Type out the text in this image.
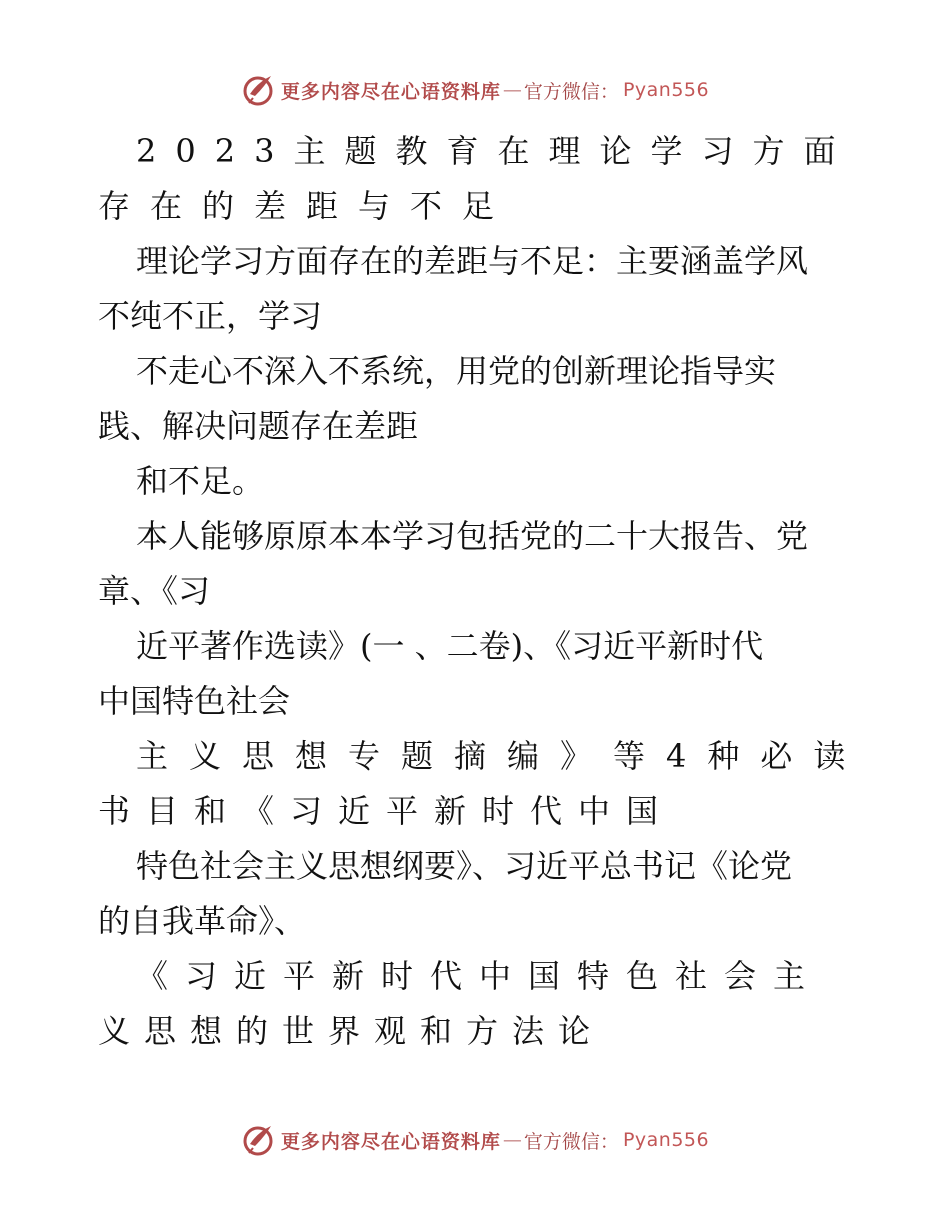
更多内容尽在心语资料库 — 官方微信： Pyan556
2023主题教育在理论学习方面
存在的差距与不足
理论学习方面存在的差距与不足：主要涵盖学风
不纯不正，学习
不走心不深入不系统，用党的创新理论指导实
践、解决问题存在差距
和不足。
本人能够原原本本学习包括党的二十大报告、党
章、《习
近平著作选读》(一 、二卷)、《习近平新时代
中国特色社会
主义思想专题摘编》等4种必读
书目和《习近平新时代中国
特色社会主义思想纲要》、习近平总书记《论党
的自我革命》、
《习近平新时代中国特色社会主
义思想的世界观和方法论
更多内容尽在心语资料库 — 官方微信： Pyan556
